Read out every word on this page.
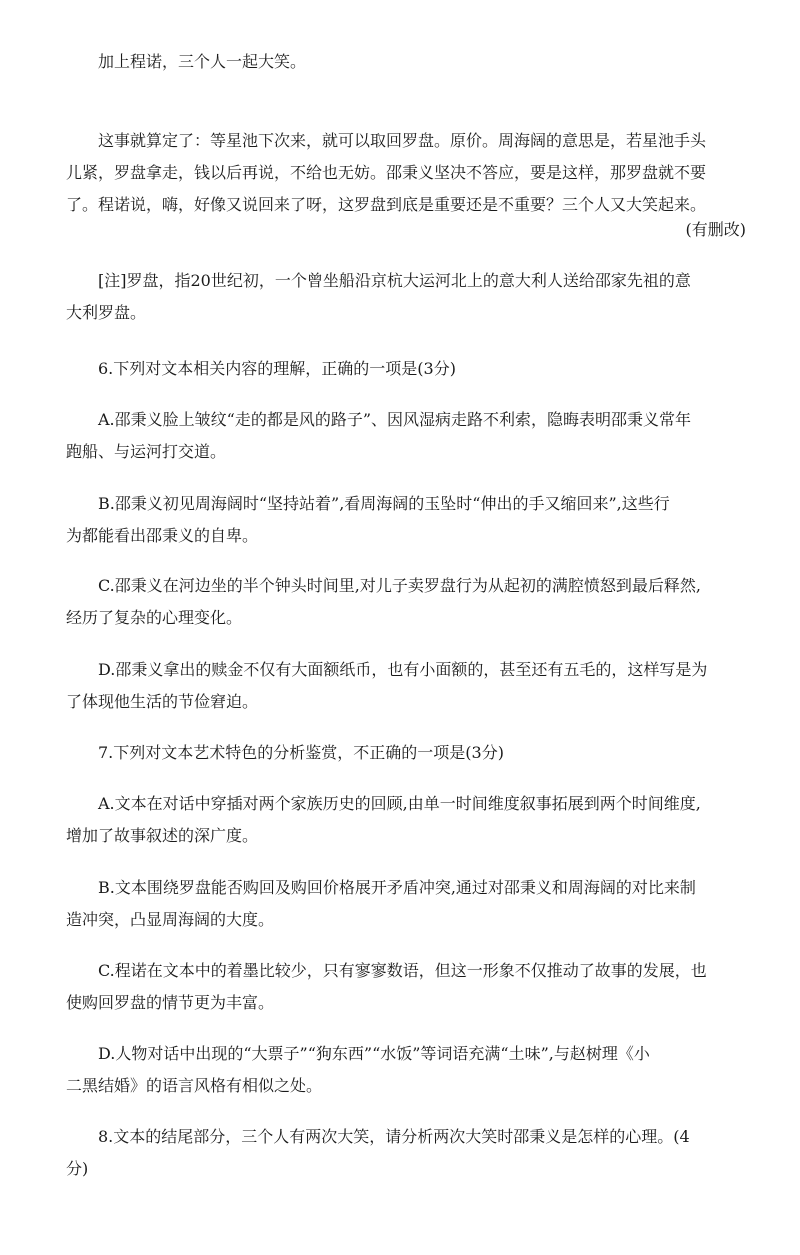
加上程诺，三个人一起大笑。
这事就算定了：等星池下次来，就可以取回罗盘。原价。周海阔的意思是，若星池手头
儿紧，罗盘拿走，钱以后再说，不给也无妨。邵秉义坚决不答应，要是这样，那罗盘就不要
了。程诺说，嗨，好像又说回来了呀，这罗盘到底是重要还是不重要？三个人又大笑起来。
(有删改)
[注]罗盘，指20世纪初，一个曾坐船沿京杭大运河北上的意大利人送给邵家先祖的意
大利罗盘。
6.下列对文本相关内容的理解，正确的一项是(3分)
A.邵秉义脸上皱纹“走的都是风的路子”、因风湿病走路不利索，隐晦表明邵秉义常年
跑船、与运河打交道。
B.邵秉义初见周海阔时“坚持站着”,看周海阔的玉坠时“伸出的手又缩回来”,这些行
为都能看出邵秉义的自卑。
C.邵秉义在河边坐的半个钟头时间里,对儿子卖罗盘行为从起初的满腔愤怒到最后释然,
经历了复杂的心理变化。
D.邵秉义拿出的赎金不仅有大面额纸币，也有小面额的，甚至还有五毛的，这样写是为
了体现他生活的节俭窘迫。
7.下列对文本艺术特色的分析鉴赏，不正确的一项是(3分)
A.文本在对话中穿插对两个家族历史的回顾,由单一时间维度叙事拓展到两个时间维度,
增加了故事叙述的深广度。
B.文本围绕罗盘能否购回及购回价格展开矛盾冲突,通过对邵秉义和周海阔的对比来制
造冲突，凸显周海阔的大度。
C.程诺在文本中的着墨比较少，只有寥寥数语，但这一形象不仅推动了故事的发展，也
使购回罗盘的情节更为丰富。
D.人物对话中出现的“大票子”“狗东西”“水饭”等词语充满“土味”,与赵树理《小
二黑结婚》的语言风格有相似之处。
8.文本的结尾部分，三个人有两次大笑，请分析两次大笑时邵秉义是怎样的心理。(4
分)
